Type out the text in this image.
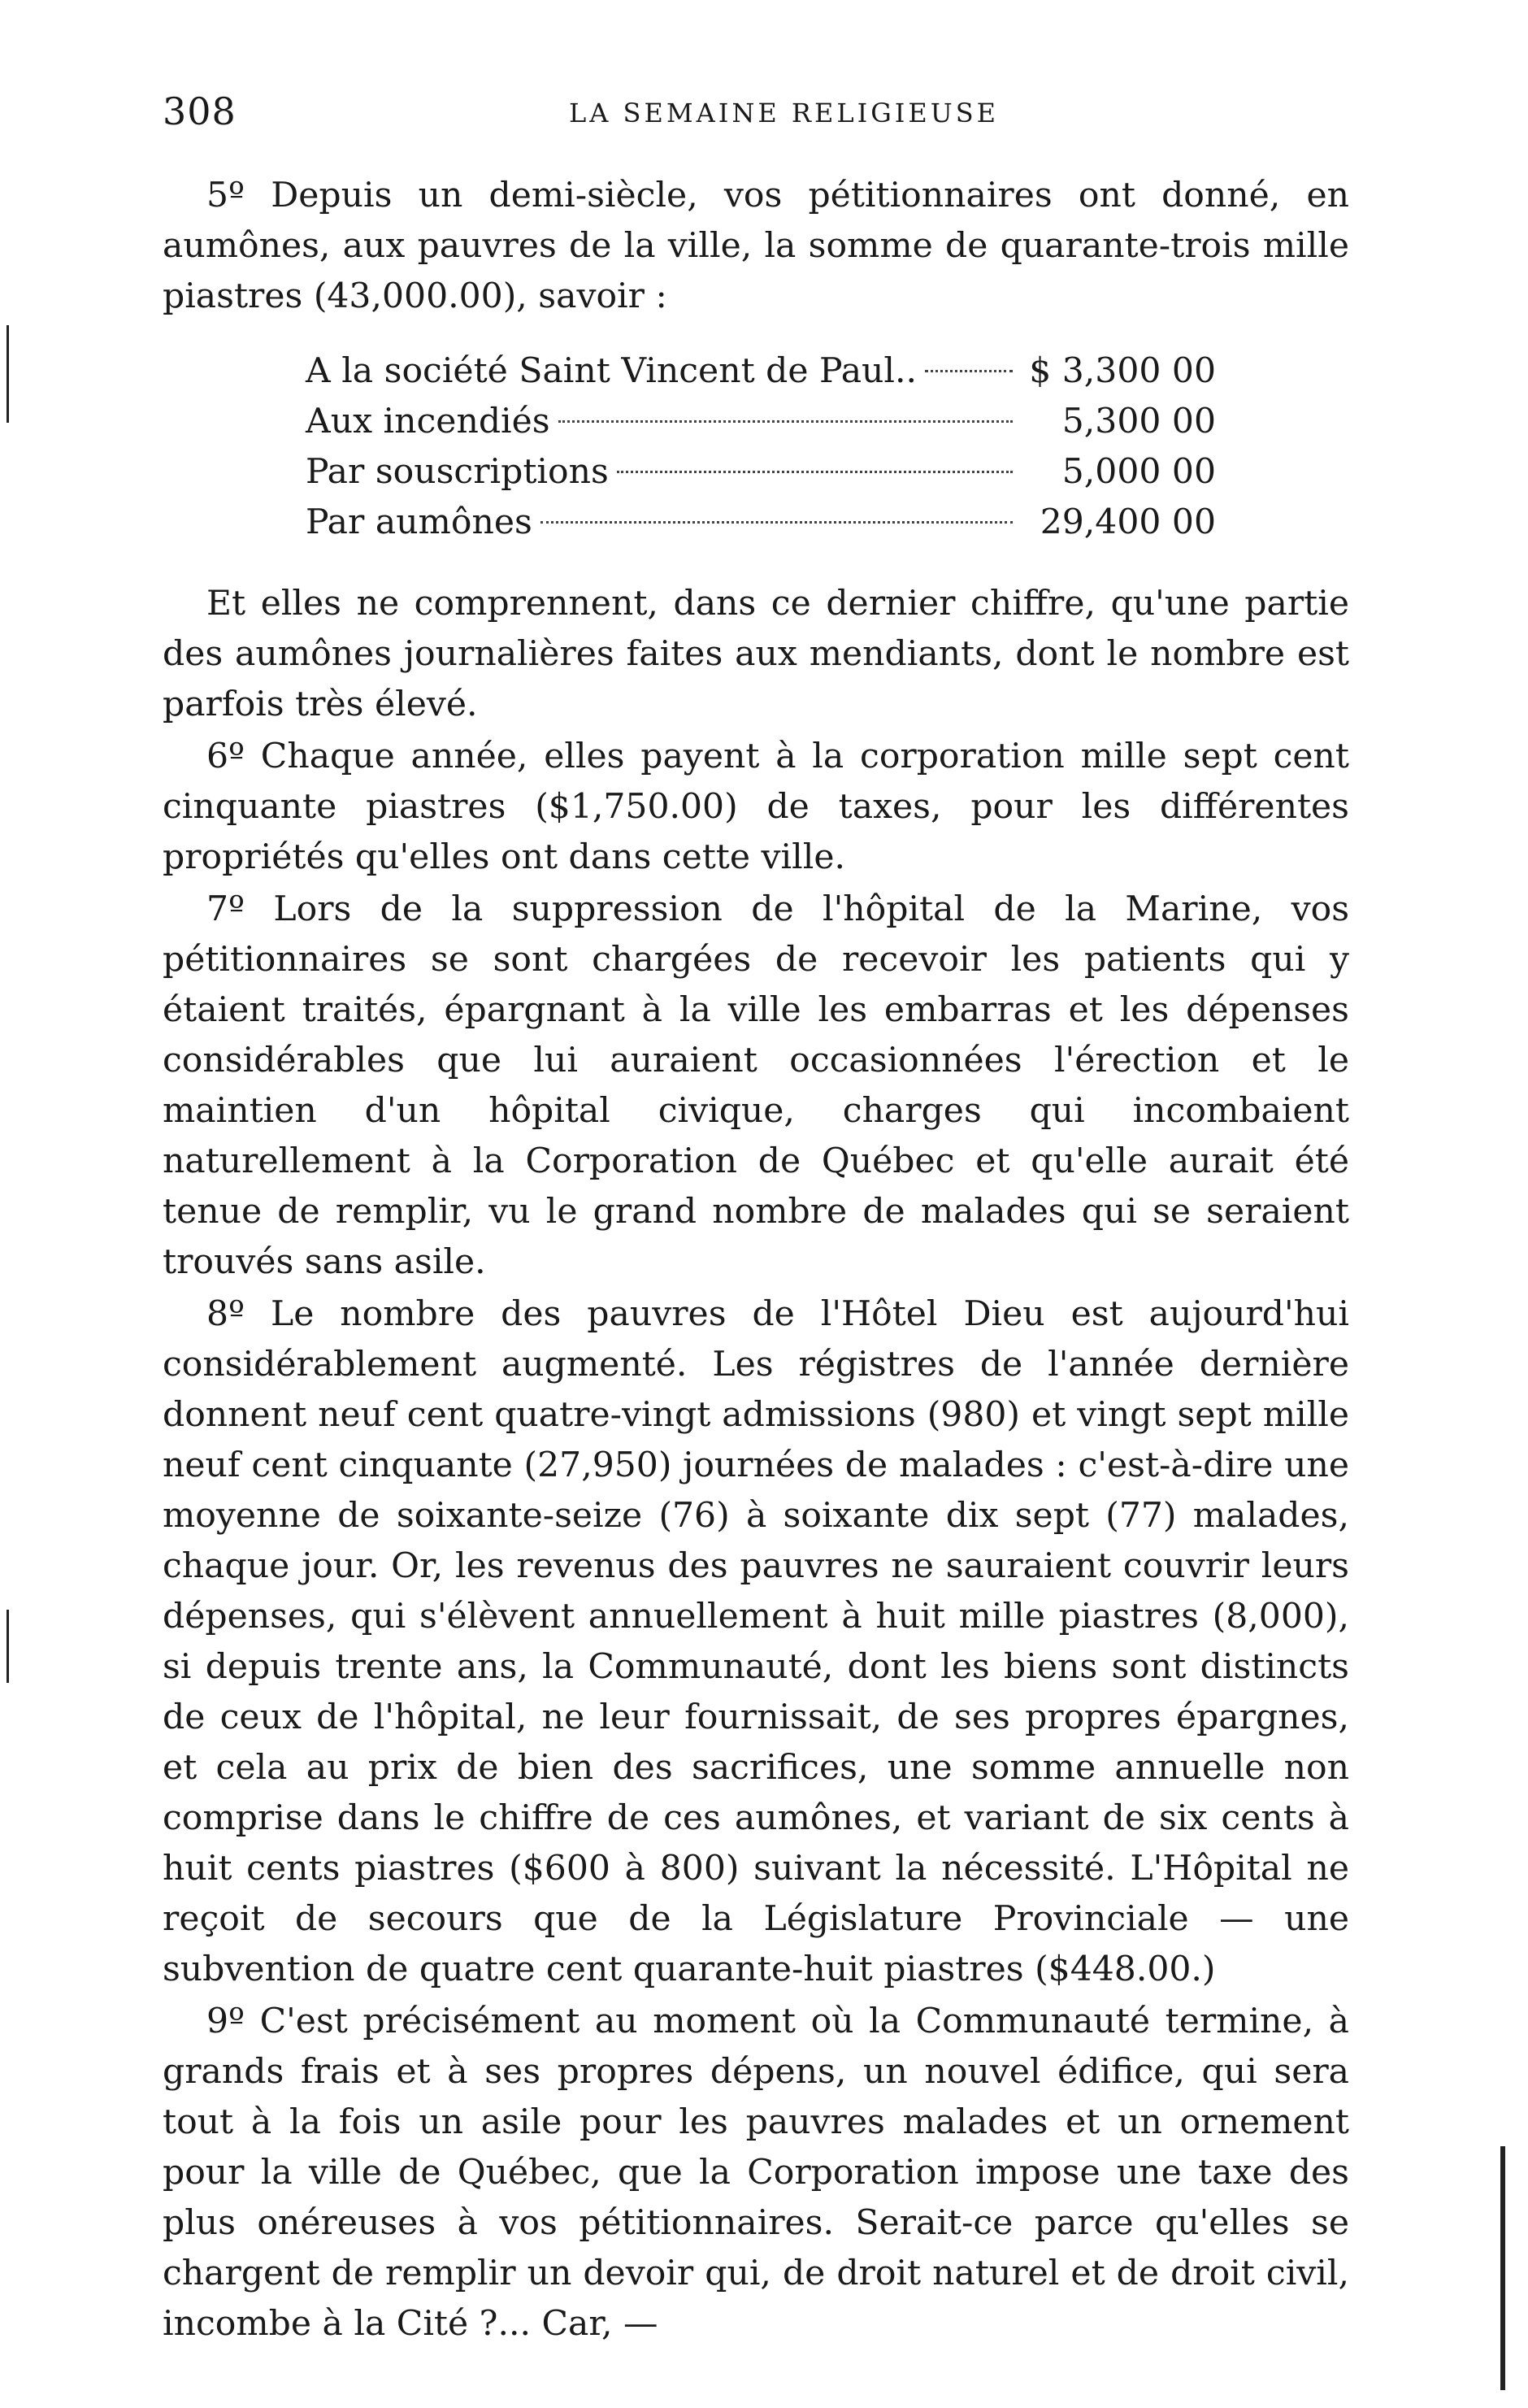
308	LA SEMAINE RELIGIEUSE

5º Depuis un demi-siècle, vos pétitionnaires ont donné, en aumônes, aux pauvres de la ville, la somme de quarante-trois mille piastres (43,000.00), savoir :

A la société Saint Vincent de Paul..	$ 3,300 00
Aux incendiés	5,300 00
Par souscriptions	5,000 00
Par aumônes	29,400 00

Et elles ne comprennent, dans ce dernier chiffre, qu'une partie des aumônes journalières faites aux mendiants, dont le nombre est parfois très élevé.

6º Chaque année, elles payent à la corporation mille sept cent cinquante piastres ($1,750.00) de taxes, pour les différentes propriétés qu'elles ont dans cette ville.

7º Lors de la suppression de l'hôpital de la Marine, vos pétitionnaires se sont chargées de recevoir les patients qui y étaient traités, épargnant à la ville les embarras et les dépenses considérables que lui auraient occasionnées l'érection et le maintien d'un hôpital civique, charges qui incombaient naturellement à la Corporation de Québec et qu'elle aurait été tenue de remplir, vu le grand nombre de malades qui se seraient trouvés sans asile.

8º Le nombre des pauvres de l'Hôtel Dieu est aujourd'hui considérablement augmenté. Les régistres de l'année dernière donnent neuf cent quatre-vingt admissions (980) et vingt sept mille neuf cent cinquante (27,950) journées de malades : c'est-à-dire une moyenne de soixante-seize (76) à soixante dix sept (77) malades, chaque jour. Or, les revenus des pauvres ne sauraient couvrir leurs dépenses, qui s'élèvent annuellement à huit mille piastres (8,000), si depuis trente ans, la Communauté, dont les biens sont distincts de ceux de l'hôpital, ne leur fournissait, de ses propres épargnes, et cela au prix de bien des sacrifices, une somme annuelle non comprise dans le chiffre de ces aumônes, et variant de six cents à huit cents piastres ($600 à 800) suivant la nécessité. L'Hôpital ne reçoit de secours que de la Législature Provinciale — une subvention de quatre cent quarante-huit piastres ($448.00.)

9º C'est précisément au moment où la Communauté termine, à grands frais et à ses propres dépens, un nouvel édifice, qui sera tout à la fois un asile pour les pauvres malades et un ornement pour la ville de Québec, que la Corporation impose une taxe des plus onéreuses à vos pétitionnaires. Serait-ce parce qu'elles se chargent de remplir un devoir qui, de droit naturel et de droit civil, incombe à la Cité ?... Car, —
